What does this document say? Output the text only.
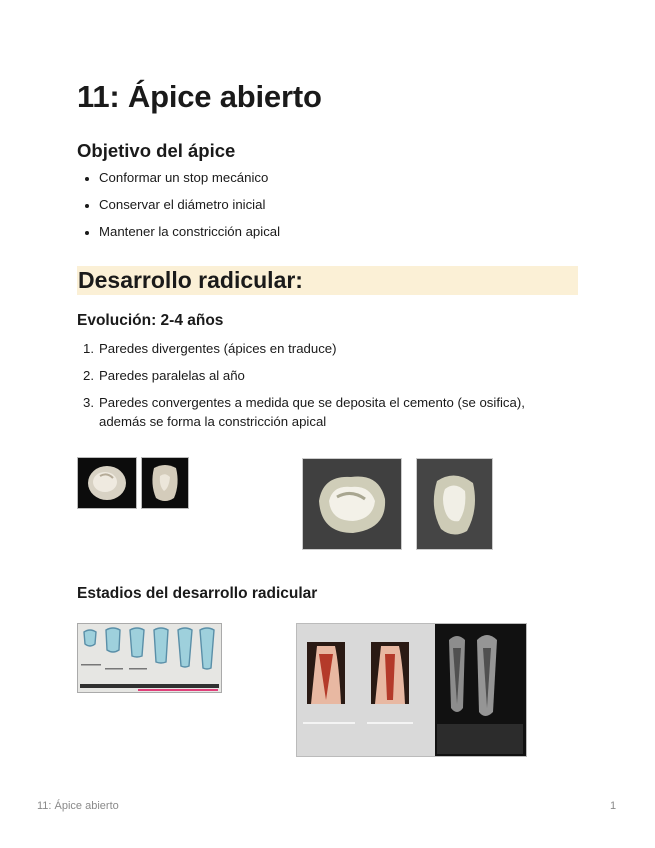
11: Ápice abierto
Objetivo del ápice
Conformar un stop mecánico
Conservar el diámetro inicial
Mantener la constricción apical
Desarrollo radicular:
Evolución: 2-4 años
1. Paredes divergentes (ápices en traduce)
2. Paredes paralelas al año
3. Paredes convergentes a medida que se deposita el cemento (se osifica), además se forma la constricción apical
Estadios del desarrollo radicular
11: Ápice abierto	1
